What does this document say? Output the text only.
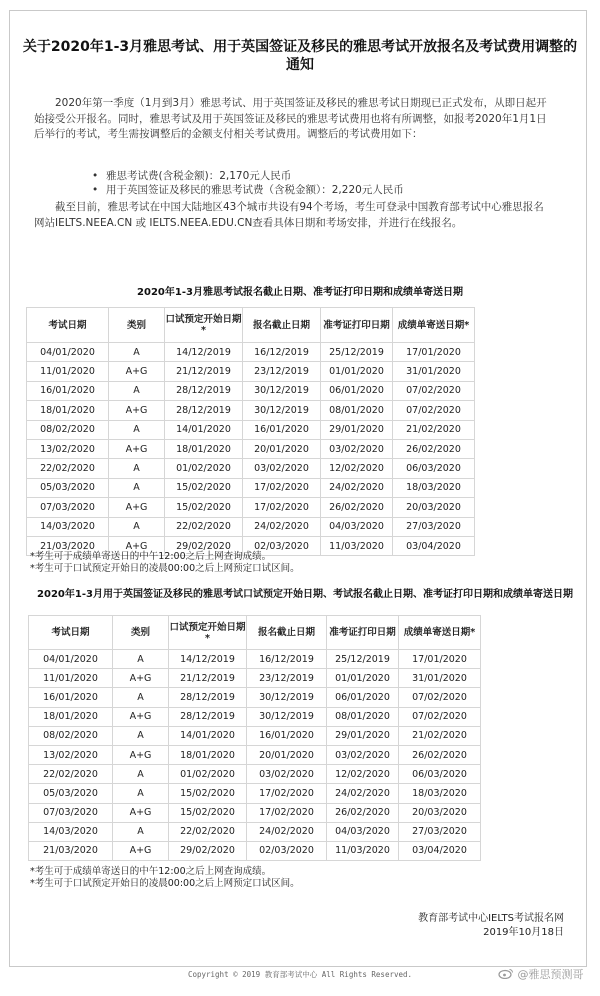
关于2020年1-3月雅思考试、用于英国签证及移民的雅思考试开放报名及考试费用调整的通知
2020年第一季度（1月到3月）雅思考试、用于英国签证及移民的雅思考试日期现已正式发布，从即日起开始接受公开报名。同时，雅思考试及用于英国签证及移民的雅思考试费用也将有所调整，如报考2020年1月1日后举行的考试，考生需按调整后的金额支付相关考试费用。调整后的考试费用如下：
• 雅思考试费(含税金额)：2,170元人民币
• 用于英国签证及移民的雅思考试费（含税金额）：2,220元人民币
截至目前，雅思考试在中国大陆地区43个城市共设有94个考场，考生可登录中国教育部考试中心雅思报名网站IELTS.NEEA.CN 或 IELTS.NEEA.EDU.CN查看具体日期和考场安排，并进行在线报名。
2020年1-3月雅思考试报名截止日期、准考证打印日期和成绩单寄送日期
考试日期	类别	口试预定开始日期*	报名截止日期	准考证打印日期	成绩单寄送日期*
04/01/2020	A	14/12/2019	16/12/2019	25/12/2019	17/01/2020
11/01/2020	A+G	21/12/2019	23/12/2019	01/01/2020	31/01/2020
16/01/2020	A	28/12/2019	30/12/2019	06/01/2020	07/02/2020
18/01/2020	A+G	28/12/2019	30/12/2019	08/01/2020	07/02/2020
08/02/2020	A	14/01/2020	16/01/2020	29/01/2020	21/02/2020
13/02/2020	A+G	18/01/2020	20/01/2020	03/02/2020	26/02/2020
22/02/2020	A	01/02/2020	03/02/2020	12/02/2020	06/03/2020
05/03/2020	A	15/02/2020	17/02/2020	24/02/2020	18/03/2020
07/03/2020	A+G	15/02/2020	17/02/2020	26/02/2020	20/03/2020
14/03/2020	A	22/02/2020	24/02/2020	04/03/2020	27/03/2020
21/03/2020	A+G	29/02/2020	02/03/2020	11/03/2020	03/04/2020
*考生可于成绩单寄送日的中午12:00之后上网查询成绩。
*考生可于口试预定开始日的凌晨00:00之后上网预定口试区间。
2020年1-3月用于英国签证及移民的雅思考试口试预定开始日期、考试报名截止日期、准考证打印日期和成绩单寄送日期
考试日期	类别	口试预定开始日期*	报名截止日期	准考证打印日期	成绩单寄送日期*
04/01/2020	A	14/12/2019	16/12/2019	25/12/2019	17/01/2020
11/01/2020	A+G	21/12/2019	23/12/2019	01/01/2020	31/01/2020
16/01/2020	A	28/12/2019	30/12/2019	06/01/2020	07/02/2020
18/01/2020	A+G	28/12/2019	30/12/2019	08/01/2020	07/02/2020
08/02/2020	A	14/01/2020	16/01/2020	29/01/2020	21/02/2020
13/02/2020	A+G	18/01/2020	20/01/2020	03/02/2020	26/02/2020
22/02/2020	A	01/02/2020	03/02/2020	12/02/2020	06/03/2020
05/03/2020	A	15/02/2020	17/02/2020	24/02/2020	18/03/2020
07/03/2020	A+G	15/02/2020	17/02/2020	26/02/2020	20/03/2020
14/03/2020	A	22/02/2020	24/02/2020	04/03/2020	27/03/2020
21/03/2020	A+G	29/02/2020	02/03/2020	11/03/2020	03/04/2020
*考生可于成绩单寄送日的中午12:00之后上网查询成绩。
*考生可于口试预定开始日的凌晨00:00之后上网预定口试区间。
教育部考试中心IELTS考试报名网
2019年10月18日
Copyright © 2019 教育部考试中心 All Rights Reserved.	@雅思预测哥
